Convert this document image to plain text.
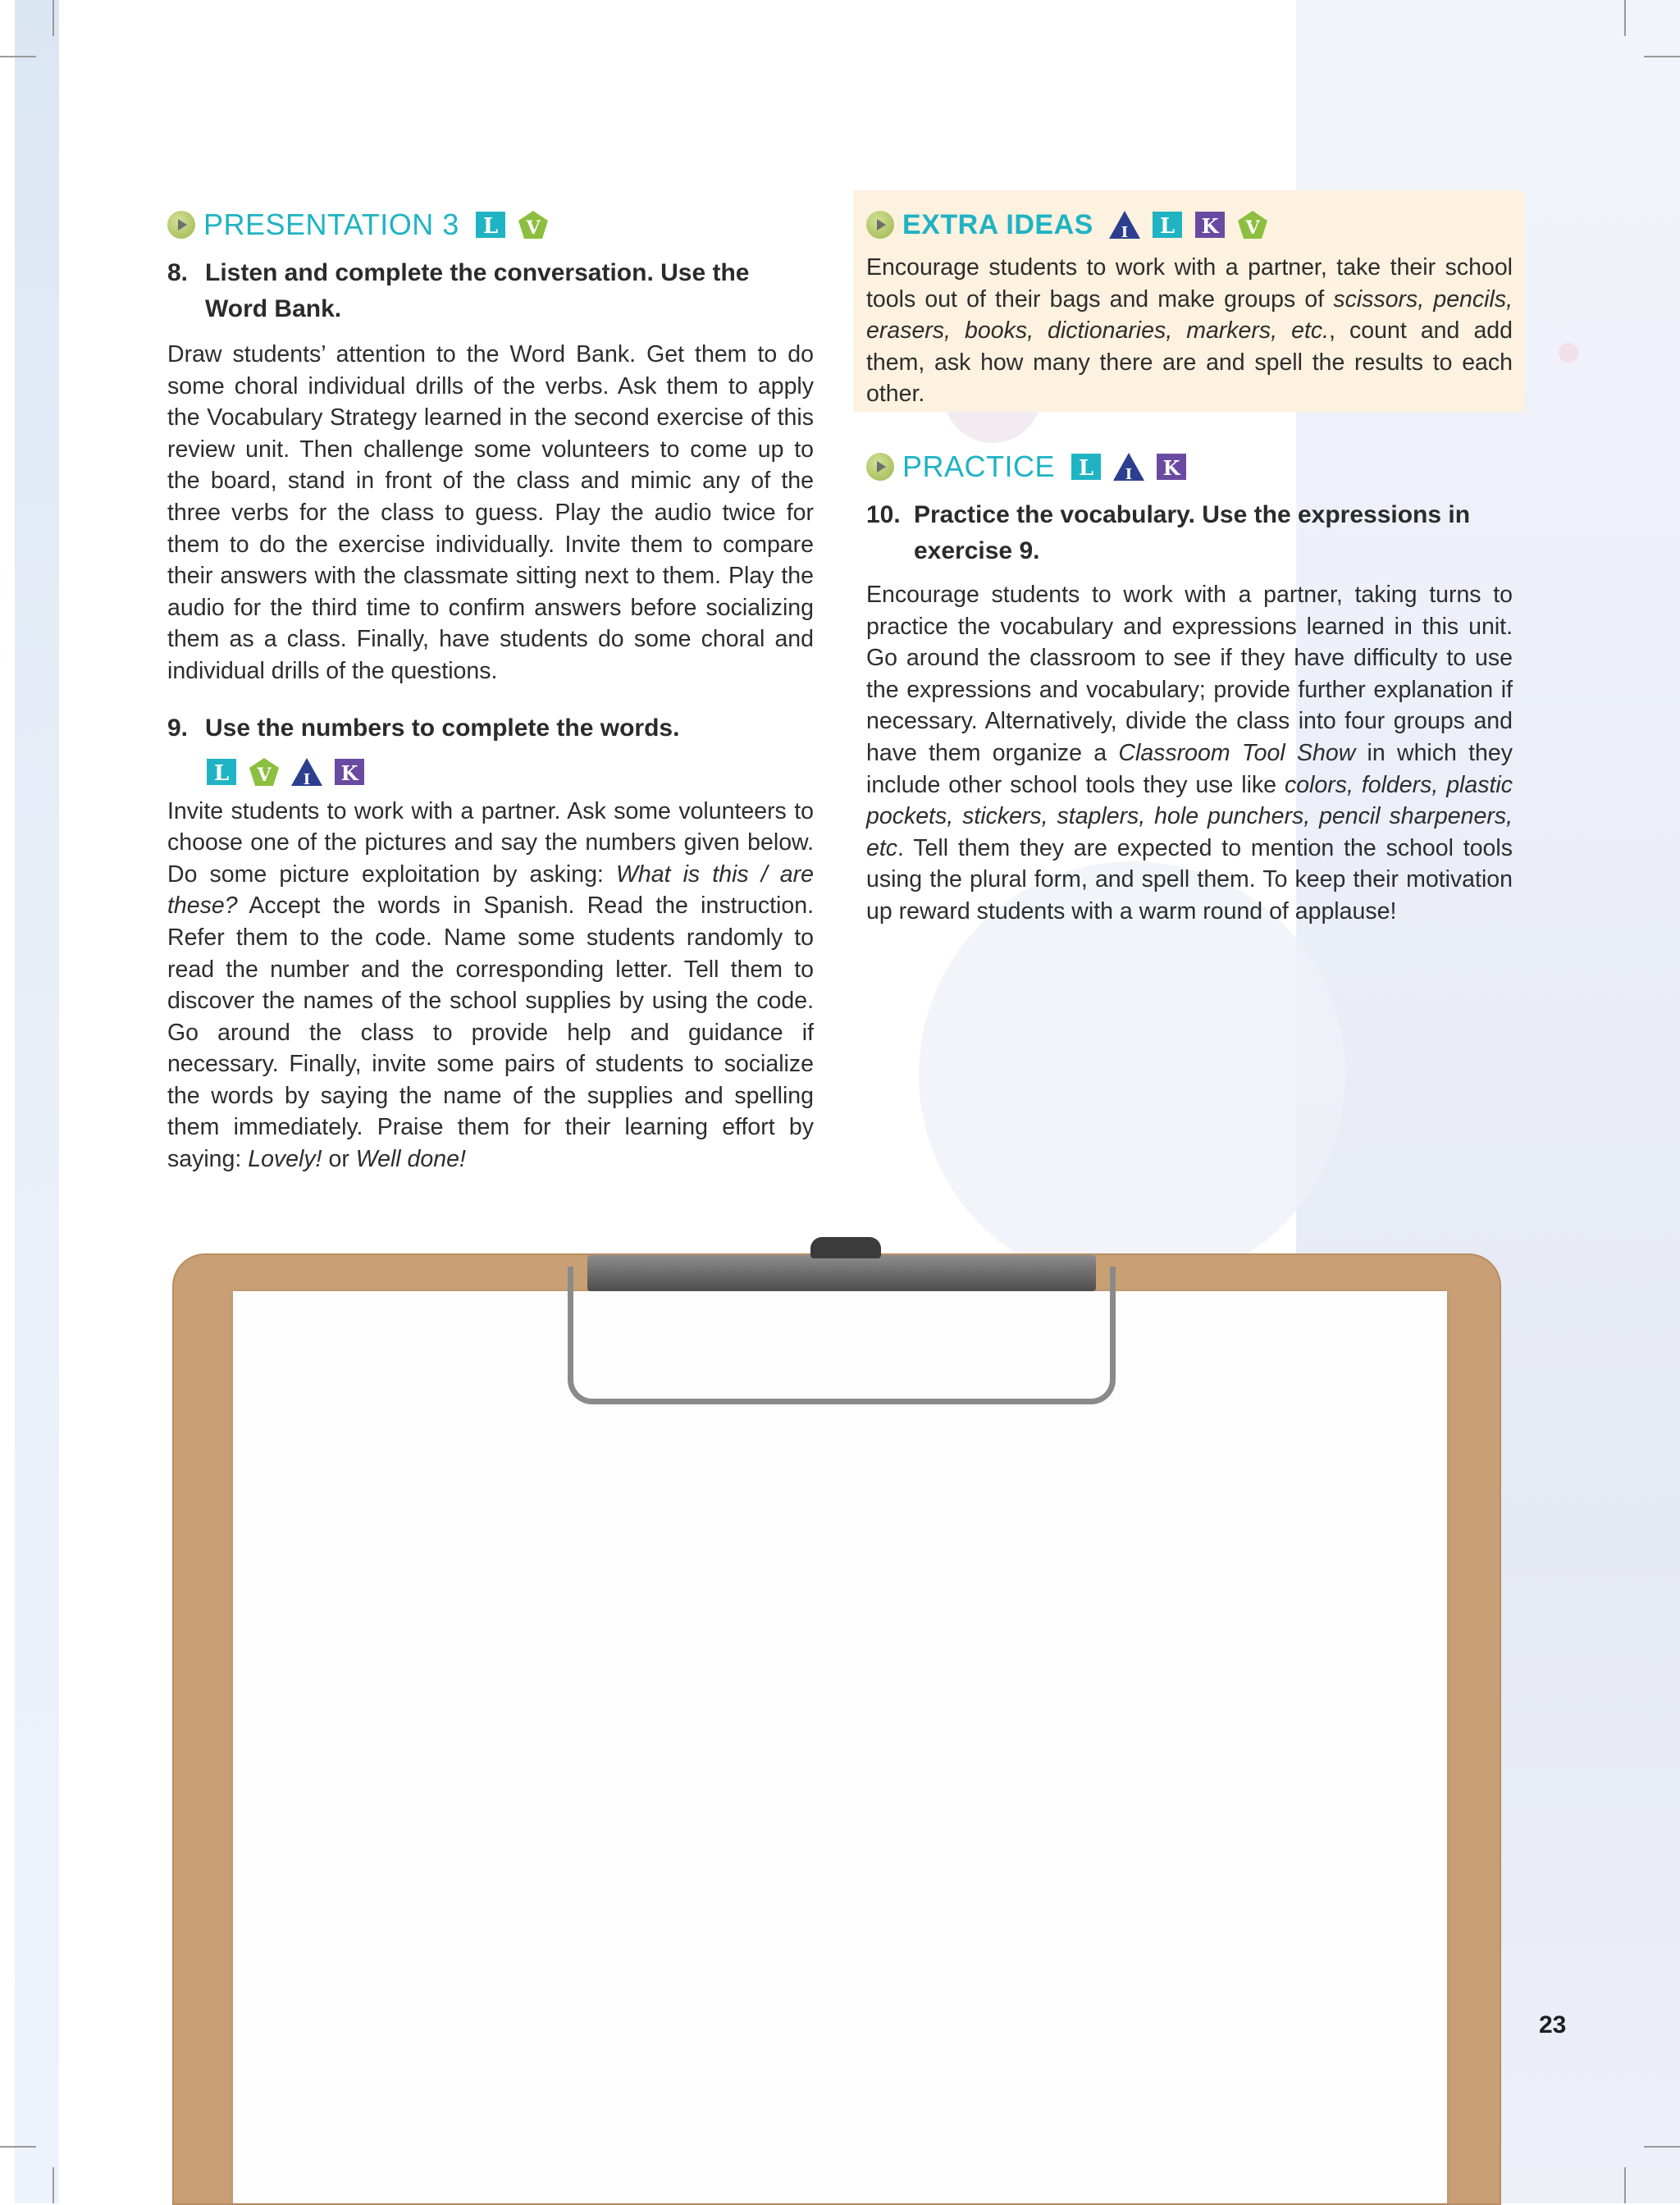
PRESENTATION 3 L V
8. Listen and complete the conversation. Use the Word Bank.

Draw students’ attention to the Word Bank. Get them to do some choral individual drills of the verbs. Ask them to apply the Vocabulary Strategy learned in the second exercise of this review unit. Then challenge some volunteers to come up to the board, stand in front of the class and mimic any of the three verbs for the class to guess. Play the audio twice for them to do the exercise individually. Invite them to compare their answers with the classmate sitting next to them. Play the audio for the third time to confirm answers before socializing them as a class. Finally, have students do some choral and individual drills of the questions.

9. Use the numbers to complete the words.
L V I K

Invite students to work with a partner. Ask some volunteers to choose one of the pictures and say the numbers given below. Do some picture exploitation by asking: What is this / are these? Accept the words in Spanish. Read the instruction. Refer them to the code. Name some students randomly to read the number and the corresponding letter. Tell them to discover the names of the school supplies by using the code. Go around the class to provide help and guidance if necessary. Finally, invite some pairs of students to socialize the words by saying the name of the supplies and spelling them immediately. Praise them for their learning effort by saying: Lovely! or Well done!

EXTRA IDEAS I L K V

Encourage students to work with a partner, take their school tools out of their bags and make groups of scissors, pencils, erasers, books, dictionaries, markers, etc., count and add them, ask how many there are and spell the results to each other.

PRACTICE L I K
10. Practice the vocabulary. Use the expressions in exercise 9.

Encourage students to work with a partner, taking turns to practice the vocabulary and expressions learned in this unit. Go around the classroom to see if they have difficulty to use the expressions and vocabulary; provide further explanation if necessary. Alternatively, divide the class into four groups and have them organize a Classroom Tool Show in which they include other school tools they use like colors, folders, plastic pockets, stickers, staplers, hole punchers, pencil sharpeners, etc. Tell them they are expected to mention the school tools using the plural form, and spell them. To keep their motivation up reward students with a warm round of applause!

23
